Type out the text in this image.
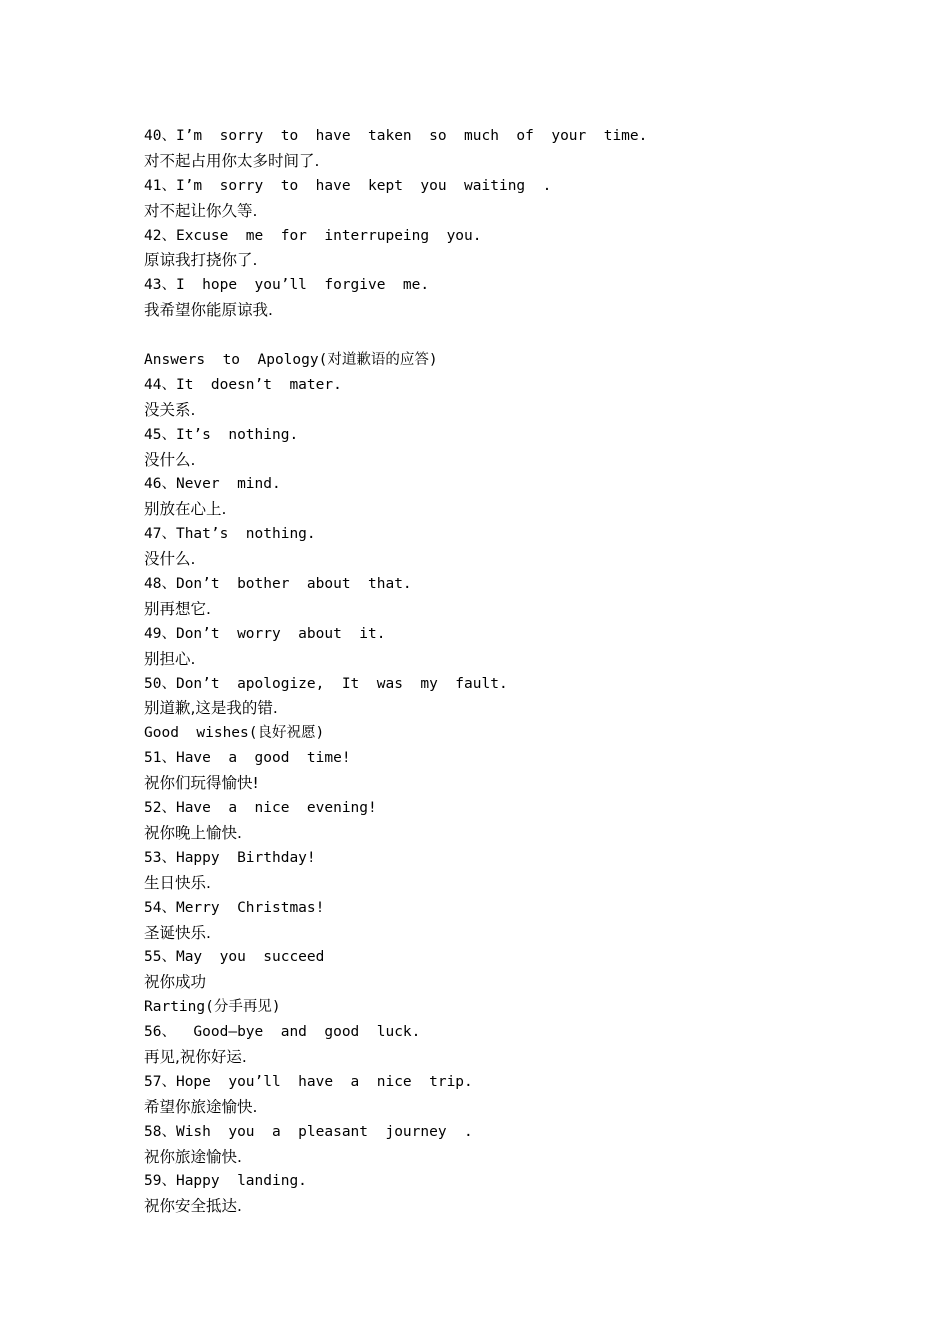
40、I’m  sorry  to  have  taken  so  much  of  your  time.
对不起占用你太多时间了.
41、I’m  sorry  to  have  kept  you  waiting  .
对不起让你久等.
42、Excuse  me  for  interrupeing  you.
原谅我打挠你了.
43、I  hope  you’ll  forgive  me.
我希望你能原谅我.
Answers  to  Apology(对道歉语的应答)
44、It  doesn’t  mater.
没关系.
45、It’s  nothing.
没什么.
46、Never  mind.
别放在心上.
47、That’s  nothing.
没什么.
48、Don’t  bother  about  that.
别再想它.
49、Don’t  worry  about  it.
别担心.
50、Don’t  apologize,  It  was  my  fault.
别道歉,这是我的错.
Good  wishes(良好祝愿)
51、Have  a  good  time!
祝你们玩得愉快!
52、Have  a  nice  evening!
祝你晚上愉快.
53、Happy  Birthday!
生日快乐.
54、Merry  Christmas!
圣诞快乐.
55、May  you  succeed
祝你成功
Rarting(分手再见)
56、  Good—bye  and  good  luck.
再见,祝你好运.
57、Hope  you’ll  have  a  nice  trip.
希望你旅途愉快.
58、Wish  you  a  pleasant  journey  .
祝你旅途愉快.
59、Happy  landing.
祝你安全抵达.
